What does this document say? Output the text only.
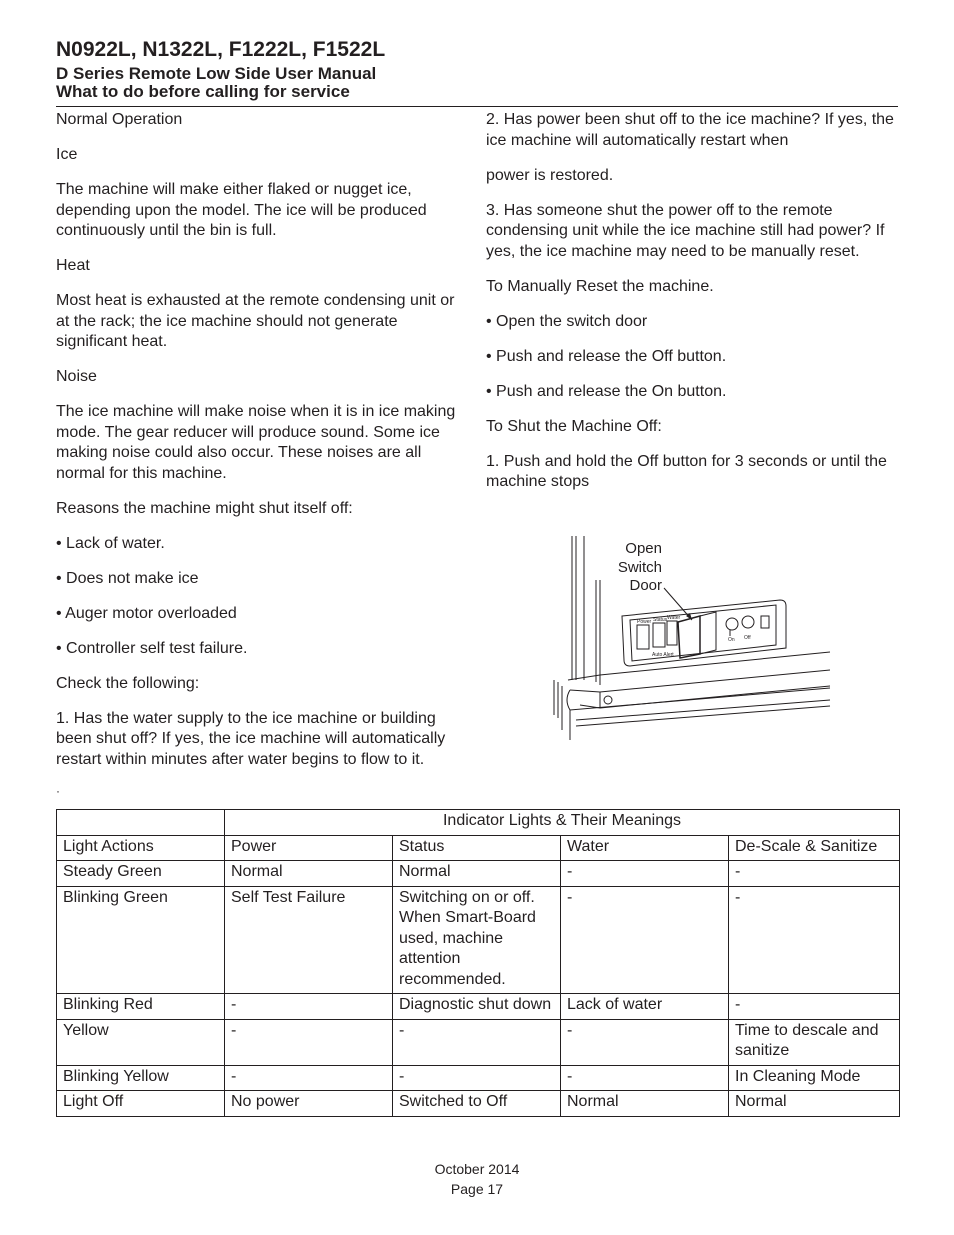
N0922L, N1322L, F1222L, F1522L
D Series Remote Low Side User Manual
What to do before calling for service

Normal Operation

Ice

The machine will make either flaked or nugget ice, depending upon the model. The ice will be produced continuously until the bin is full.

Heat

Most heat is exhausted at the remote condensing unit or at the rack; the ice machine should not generate significant heat.

Noise

The ice machine will make noise when it is in ice making mode. The gear reducer will produce sound. Some ice making noise could also occur. These noises are all normal for this machine.

Reasons the machine might shut itself off:

• Lack of water.

• Does not make ice

• Auger motor overloaded

• Controller self test failure.

Check the following:

1. Has the water supply to the ice machine or building been shut off? If yes, the ice machine will automatically restart within minutes after water begins to flow to it.

·

2. Has power been shut off to the ice machine? If yes, the ice machine will automatically restart when

power is restored.

3. Has someone shut the power off to the remote condensing unit while the ice machine still had power? If yes, the ice machine may need to be manually reset.

To Manually Reset the machine.

• Open the switch door

• Push and release the Off button.

• Push and release the On button.

To Shut the Machine Off:

1. Push and hold the Off button for 3 seconds or until the machine stops

Open
Switch
Door
Power Status Water
On Off
Auto Alert
	Indicator Lights & Their Meanings			
Light Actions	Power	Status	Water	De-Scale & Sanitize
Steady Green	Normal	Normal	-	-
Blinking Green	Self Test Failure	Switching on or off. When Smart-Board used, machine attention recommended.	-	-
Blinking Red	-	Diagnostic shut down	Lack of water	-
Yellow	-	-	-	Time to descale and sanitize
Blinking Yellow	-	-	-	In Cleaning Mode
Light Off	No power	Switched to Off	Normal	Normal
October 2014
Page 17
